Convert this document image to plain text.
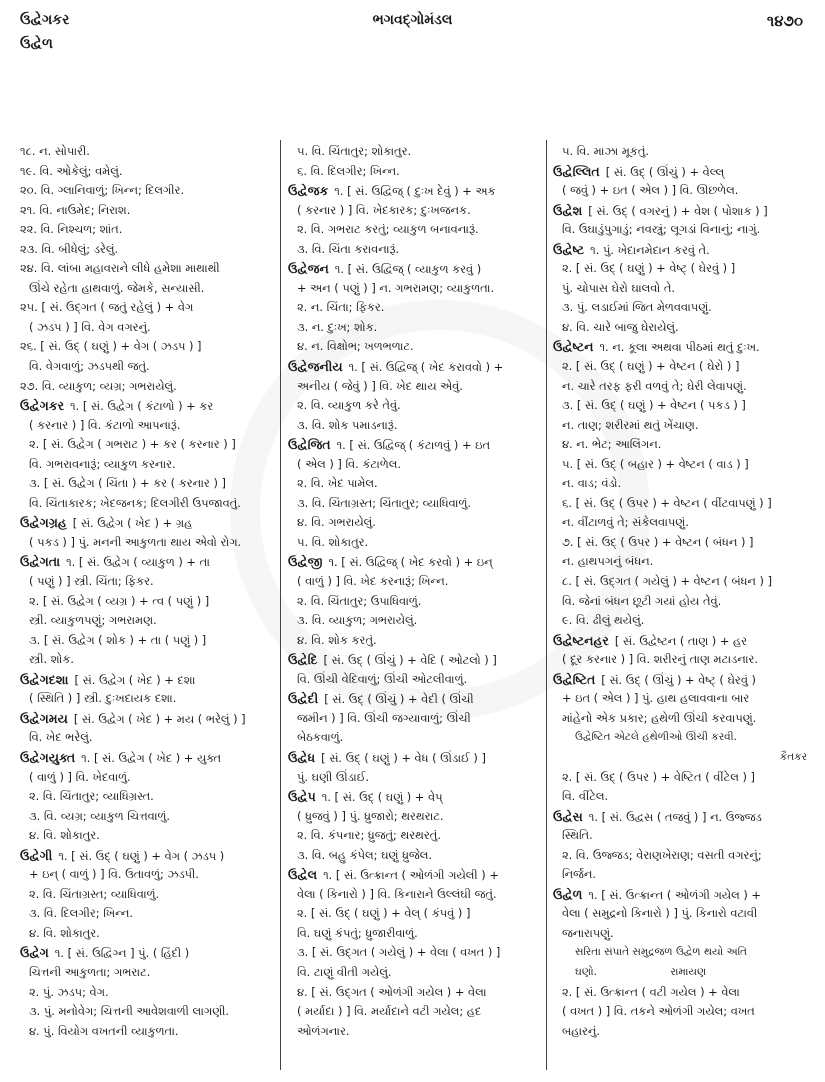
ઉદ્વેગકર
ઉદ્વેળ
ભગવદ્ગોમંડલ	૧૪૭૦
૧૮. ન. સોપારી.
૧૯. વિ. ઓકેલું; વમેલું.
૨૦. વિ. ગ્લાનિવાળું; ખિન્ન; દિલગીર.
૨૧. વિ. નાઉમેદ; નિરાશ.
૨૨. વિ. નિશ્ચળ; શાંત.
૨૩. વિ. બીધેલું; ડરેલું.
૨૪. વિ. લાંબા મહાવરાને લીધે હમેશા માથાથી
ઊંચે રહેતા હાથવાળું. જેમકે, સન્યાસી.
૨૫. [ સં. ઉદ્ગત ( જતું રહેલું ) + વેગ
( ઝડપ ) ] વિ. વેગ વગરનું.
૨૬. [ સં. ઉદ્ ( ઘણું ) + વેગ ( ઝડપ ) ]
વિ. વેગવાળું; ઝડપથી જતું.
૨૭. વિ. વ્યાકુળ; વ્યગ્ર; ગભરાયેલું.
ઉદ્વેગકર ૧. [ સં. ઉદ્વેગ ( કંટાળો ) + કર
( કરનાર ) ] વિ. કંટાળો આપનારૂં.
૨. [ સં. ઉદ્વેગ ( ગભરાટ ) + કર ( કરનાર ) ]
વિ. ગભરાવનારૂં; વ્યાકુળ કરનાર.
૩. [ સં. ઉદ્વેગ ( ચિંતા ) + કર ( કરનાર ) ]
વિ. ચિંતાકારક; ખેદજનક; દિલગીરી ઉપજાવતું.
ઉદ્વેગગ્રહ [ સં. ઉદ્વેગ ( ખેદ ) + ગ્રહ
( પકડ ) ] પું. મનની આકુળતા થાય એવો રોગ.
ઉદ્વેગતા ૧. [ સં. ઉદ્વેગ ( વ્યાકુળ ) + તા
( પણું ) ] સ્ત્રી. ચિંતા; ફિકર.
૨. [ સં. ઉદ્વેગ ( વ્યગ્ર ) + ત્વ ( પણું ) ]
સ્ત્રી. વ્યાકુળપણું; ગભરામણ.
૩. [ સં. ઉદ્વેગ ( શોક ) + તા ( પણું ) ]
સ્ત્રી. શોક.
ઉદ્વેગદશા [ સં. ઉદ્વેગ ( ખેદ ) + દશા
( સ્થિતિ ) ] સ્ત્રી. દુઃખદાયક દશા.
ઉદ્વેગમય [ સં. ઉદ્વેગ ( ખેદ ) + મય ( ભરેલું ) ]
વિ. ખેદ ભરેલું.
ઉદ્વેગયુક્ત ૧. [ સં. ઉદ્વેગ ( ખેદ ) + યુક્ત
( વાળું ) ] વિ. ખેદવાળું.
૨. વિ. ચિંતાતુર; વ્યાધિગ્રસ્ત.
૩. વિ. વ્યગ્ર; વ્યાકુળ ચિત્તવાળું.
૪. વિ. શોકાતુર.
ઉદ્વેગી ૧. [ સં. ઉદ્ ( ઘણું ) + વેગ ( ઝડપ )
+ ઇન્ ( વાળું ) ] વિ. ઉતાવળું; ઝડપી.
૨. વિ. ચિંતાગ્રસ્ત; વ્યાધિવાળું.
૩. વિ. દિલગીર; ખિન્ન.
૪. વિ. શોકાતુર.
ઉદ્વેગ ૧. [ સં. ઉદ્વિગ્ન ] પું. ( હિંદી )
ચિત્તની આકુળતા; ગભરાટ.
૨. પું. ઝડપ; વેગ.
૩. પું. મનોવેગ; ચિત્તની આવેશવાળી લાગણી.
૪. પું. વિયોગ વખતની વ્યાકુળતા.
૫. વિ. ચિંતાતુર; શોકાતુર.
૬. વિ. દિલગીર; ખિન્ન.
ઉદ્વેજક ૧. [ સં. ઉદ્વિજ્ ( દુઃખ દેવું ) + અક
( કરનાર ) ] વિ. ખેદકારક; દુઃખજનક.
૨. વિ. ગભરાટ કરતું; વ્યાકુળ બનાવનારૂં.
૩. વિ. ચિંતા કરાવનારૂં.
ઉદ્વેજન ૧. [ સં. ઉદ્વિજ્ ( વ્યાકુળ કરવું )
+ અન ( પણું ) ] ન. ગભરામણ; વ્યાકુળતા.
૨. ન. ચિંતા; ફિકર.
૩. ન. દુઃખ; શોક.
૪. ન. વિક્ષોભ; ખળભળાટ.
ઉદ્વેજનીય ૧. [ સં. ઉદ્વિજ્ ( ખેદ કરાવવો ) +
અનીય ( જેવું ) ] વિ. ખેદ થાય એવું.
૨. વિ. વ્યાકુળ કરે તેવું.
૩. વિ. શોક પમાડનારૂં.
ઉદ્વેજિત ૧. [ સં. ઉદ્વિજ્ ( કંટાળવું ) + ઇત
( એલ ) ] વિ. કંટાળેલ.
૨. વિ. ખેદ પામેલ.
૩. વિ. ચિંતાગ્રસ્ત; ચિંતાતુર; વ્યાધિવાળું.
૪. વિ. ગભરાયેલું.
૫. વિ. શોકાતુર.
ઉદ્વેજી ૧. [ સં. ઉદ્વિજ્ ( ખેદ કરવો ) + ઇન્
( વાળું ) ] વિ. ખેદ કરનારૂં; ખિન્ન.
૨. વિ. ચિંતાતુર; ઉપાધિવાળું.
૩. વિ. વ્યાકુળ; ગભરાયેલું.
૪. વિ. શોક કરતું.
ઉદ્વેદિ [ સં. ઉદ્ ( ઊંચું ) + વેદિ ( ઓટલો ) ]
વિ. ઊંચી વેદિવાળું; ઊંચી ઓટલીવાળું.
ઉદ્વેદી [ સં. ઉદ્ ( ઊંચું ) + વેદી ( ઊંચી
જમીન ) ] વિ. ઊંચી જગ્યાવાળું; ઊંચી
બેઠકવાળું.
ઉદ્વેધ [ સં. ઉદ્ ( ઘણું ) + વેધ ( ઊંડાઈ ) ]
પું. ઘણી ઊંડાઈ.
ઉદ્વેપ ૧. [ સં. ઉદ્ ( ઘણું ) + વેપ્
( ધ્રુજવું ) ] પું. ધ્રુજારો; થરથરાટ.
૨. વિ. કંપનાર; ધ્રુજતું; થરથરતું.
૩. વિ. બહુ કંપેલ; ઘણું ધ્રુજેલ.
ઉદ્વેલ ૧. [ સં. ઉત્ક્રાન્ત ( ઓળંગી ગયેલી ) +
વેલા ( કિનારો ) ] વિ. કિનારાને ઉલ્લંઘી જતું.
૨. [ સં. ઉદ્ ( ઘણું ) + વેલ્ ( કંપવું ) ]
વિ. ઘણું કંપતું; ધ્રુજારીવાળું.
૩. [ સં. ઉદ્ગત ( ગયેલું ) + વેલા ( વખત ) ]
વિ. ટાણું વીતી ગયેલું.
૪. [ સં. ઉદ્ગત ( ઓળંગી ગયેલ ) + વેલા
( મર્યાદા ) ] વિ. મર્યાદાને વટી ગયેલ; હદ
ઓળંગનાર.
૫. વિ. માઝા મૂકતું.
ઉદ્વેલ્લિત [ સં. ઉદ્ ( ઊંચું ) + વેલ્લ્
( જવું ) + ઇત ( એલ ) ] વિ. ઊછળેલ.
ઉદ્વેશ [ સં. ઉદ્ ( વગરનું ) + વેશ ( પોશાક ) ]
વિ. ઉઘાડુંપુગાડું; નવસ્ત્રું; લૂગડાં વિનાનું; નાગું.
ઉદ્વેષ્ટ ૧. પું. ખેદાનમેદાન કરવું તે.
૨. [ સં. ઉદ્ ( ઘણું ) + વેષ્ટ્ ( ઘેરવું ) ]
પું. ચોપાસ ઘેરો ઘાલવો તે.
૩. પું. લડાઈમાં જિત મેળવવાપણું.
૪. વિ. ચારે બાજુ ઘેરાયેલું.
ઉદ્વેષ્ટન ૧. ન. કૂલા અથવા પીઠમાં થતું દુઃખ.
૨. [ સં. ઉદ્ ( ઘણું ) + વેષ્ટન ( ઘેરો ) ]
ન. ચારે તરફ ફરી વળવું તે; ઘેરી લેવાપણું.
૩. [ સં. ઉદ્ ( ઘણું ) + વેષ્ટન ( પકડ ) ]
ન. તાણ; શરીરમાં થતું ખેંચાણ.
૪. ન. ભેટ; આલિંગન.
૫. [ સં. ઉદ્ ( બહાર ) + વેષ્ટન ( વાડ ) ]
ન. વાડ; વંડો.
૬. [ સં. ઉદ્ ( ઉપર ) + વેષ્ટન ( વીંટવાપણું ) ]
ન. વીંટાળવું તે; સંકેલવાપણું.
૭. [ સં. ઉદ્ ( ઉપર ) + વેષ્ટન ( બંધન ) ]
ન. હાથપગનું બંધન.
૮. [ સં. ઉદ્ગત ( ગયેલું ) + વેષ્ટન ( બંધન ) ]
વિ. જેનાં બંધન છૂટી ગયાં હોય તેવું.
૯. વિ. ઢીલું થયેલું.
ઉદ્વેષ્ટનહર [ સં. ઉદ્વેષ્ટન ( તાણ ) + હર
( દૂર કરનાર ) ] વિ. શરીરનું તાણ મટાડનાર.
ઉદ્વેષ્ટિત [ સં. ઉદ્ ( ઊંચું ) + વેષ્ટ્ ( ઘેરવું )
+ ઇત ( એલ ) ] પું. હાથ હલાવવાના બાર
માંહેનો એક પ્રકાર; હથેળી ઊંચી કરવાપણું.
ઉદ્વેષ્ટિત એટલે હથેળીઓ ઊંચી કરવી.
કૈતકર
૨. [ સં. ઉદ્ ( ઉપર ) + વેષ્ટિત ( વીંટેલ ) ]
વિ. વીંટેલ.
ઉદ્વેસ ૧. [ સં. ઉદ્વસ ( તજવું ) ] ન. ઉજ્જડ
સ્થિતિ.
૨. વિ. ઉજ્જડ; વેરાણખેરાણ; વસતી વગરનું;
નિર્જન.
ઉદ્વેળ ૧. [ સં. ઉત્ક્રાન્ત ( ઓળંગી ગયેલ ) +
વેલા ( સમુદ્રનો કિનારો ) ] પું. કિનારો વટાવી
જનારાપણું.
સરિતા સંપાતે સમુદ્રજળ ઉદ્વેળ થયો અતિ
ઘણો.                      રામાયણ
૨. [ સં. ઉત્ક્રાન્ત ( વટી ગયેલ ) + વેલા
( વખત ) ] વિ. તકને ઓળંગી ગયેલ; વખત
બહારનું.
